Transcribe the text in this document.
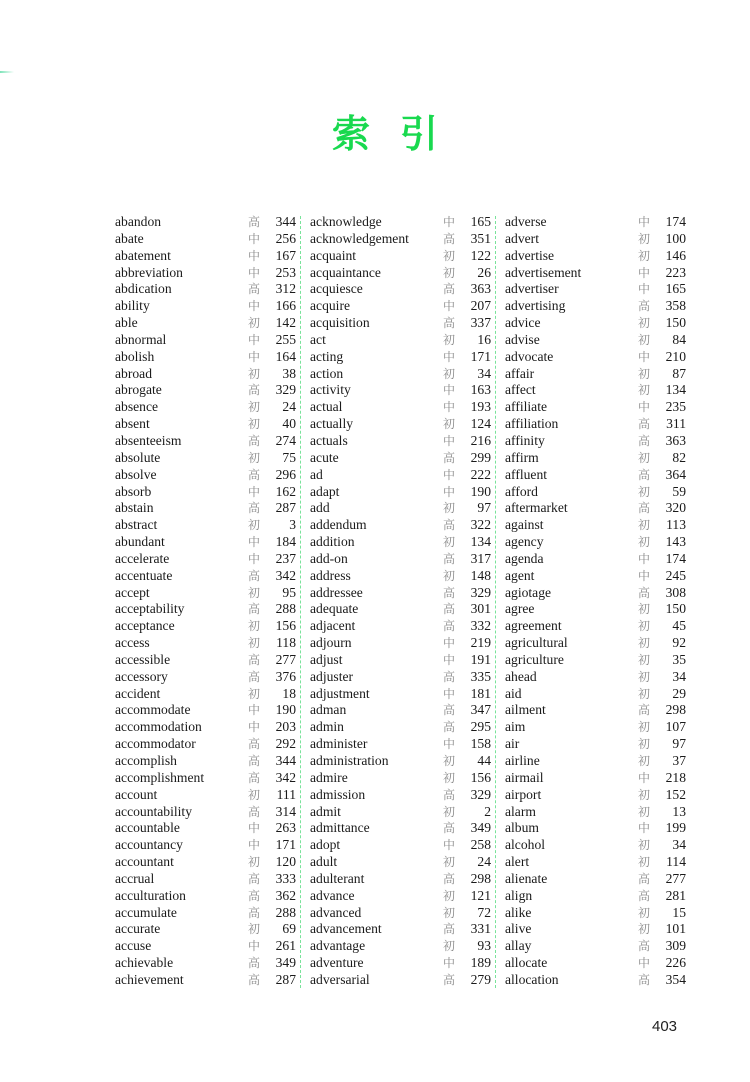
索引
abandon	高	344
abate	中	256
abatement	中	167
abbreviation	中	253
abdication	高	312
ability	中	166
able	初	142
abnormal	中	255
abolish	中	164
abroad	初	38
abrogate	高	329
absence	初	24
absent	初	40
absenteeism	高	274
absolute	初	75
absolve	高	296
absorb	中	162
abstain	高	287
abstract	初	3
abundant	中	184
accelerate	中	237
accentuate	高	342
accept	初	95
acceptability	高	288
acceptance	初	156
access	初	118
accessible	高	277
accessory	高	376
accident	初	18
accommodate	中	190
accommodation	中	203
accommodator	高	292
accomplish	高	344
accomplishment	高	342
account	初	111
accountability	高	314
accountable	中	263
accountancy	中	171
accountant	初	120
accrual	高	333
acculturation	高	362
accumulate	高	288
accurate	初	69
accuse	中	261
achievable	高	349
achievement	高	287
acknowledge	中	165
acknowledgement	高	351
acquaint	初	122
acquaintance	初	26
acquiesce	高	363
acquire	中	207
acquisition	高	337
act	初	16
acting	中	171
action	初	34
activity	中	163
actual	中	193
actually	初	124
actuals	中	216
acute	高	299
ad	中	222
adapt	中	190
add	初	97
addendum	高	322
addition	初	134
add-on	高	317
address	初	148
addressee	高	329
adequate	高	301
adjacent	高	332
adjourn	中	219
adjust	中	191
adjuster	高	335
adjustment	中	181
adman	高	347
admin	高	295
administer	中	158
administration	初	44
admire	初	156
admission	高	329
admit	初	2
admittance	高	349
adopt	中	258
adult	初	24
adulterant	高	298
advance	初	121
advanced	初	72
advancement	高	331
advantage	初	93
adventure	中	189
adversarial	高	279
adverse	中	174
advert	初	100
advertise	初	146
advertisement	中	223
advertiser	中	165
advertising	高	358
advice	初	150
advise	初	84
advocate	中	210
affair	初	87
affect	初	134
affiliate	中	235
affiliation	高	311
affinity	高	363
affirm	初	82
affluent	高	364
afford	初	59
aftermarket	高	320
against	初	113
agency	初	143
agenda	中	174
agent	中	245
agiotage	高	308
agree	初	150
agreement	初	45
agricultural	初	92
agriculture	初	35
ahead	初	34
aid	初	29
ailment	高	298
aim	初	107
air	初	97
airline	初	37
airmail	中	218
airport	初	152
alarm	初	13
album	中	199
alcohol	初	34
alert	初	114
alienate	高	277
align	高	281
alike	初	15
alive	初	101
allay	高	309
allocate	中	226
allocation	高	354
403
